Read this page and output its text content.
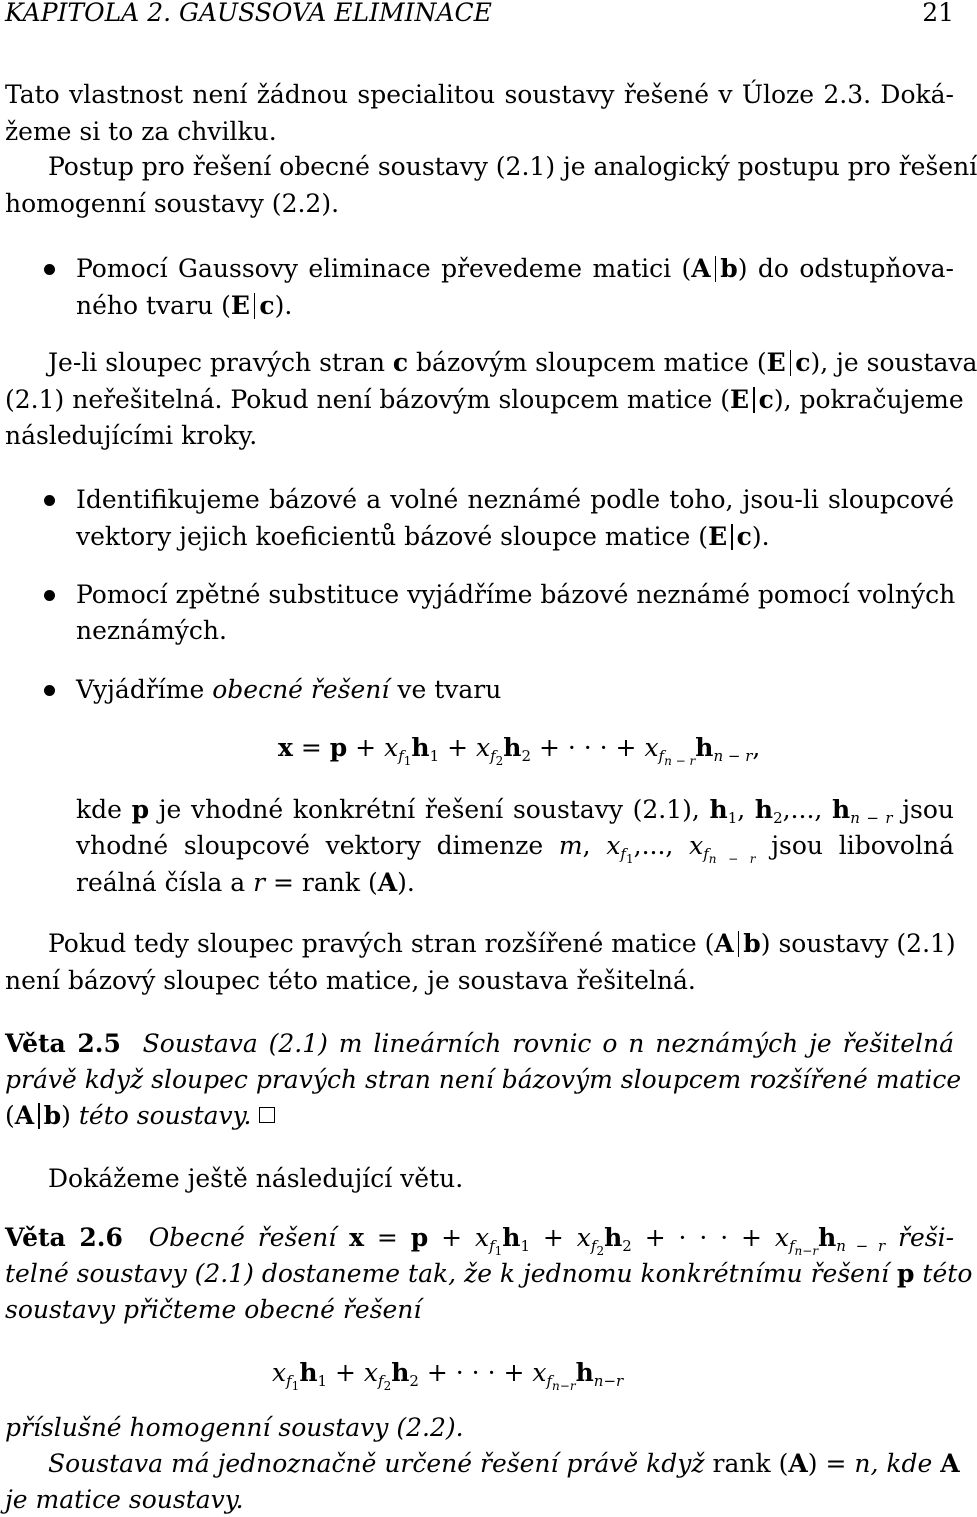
KAPITOLA 2. GAUSSOVA ELIMINACE	21
Tato vlastnost není žádnou specialitou soustavy řešené v Úloze 2.3. Doká-
žeme si to za chvilku.
Postup pro řešení obecné soustavy (2.1) je analogický postupu pro řešení
homogenní soustavy (2.2).
Pomocí Gaussovy eliminace převedeme matici (A b) do odstupňova-
ného tvaru (E c).
Je-li sloupec pravých stran c bázovým sloupcem matice (E c), je soustava
(2.1) neřešitelná. Pokud není bázovým sloupcem matice (E c), pokračujeme
následujícími kroky.
Identifikujeme bázové a volné neznámé podle toho, jsou-li sloupcové
vektory jejich koeficientů bázové sloupce matice (E c).
Pomocí zpětné substituce vyjádříme bázové neznámé pomocí volných
neznámých.
Vyjádříme obecné řešení ve tvaru
$x = p + x_{f_1}h_1 + x_{f_2}h_2$ + · · · + $x_{f_{n - r}}h_{n - r}$,
kde p je vhodné konkrétní řešení soustavy (2.1), $h_1$, $h_2$,..., $h_{n - r}$ jsou
vhodné sloupcové vektory dimenze m, $x_{f_1}$,..., $x_{f_{n - r}}$ jsou libovolná
reálná čísla a r = rank (A).
Pokud tedy sloupec pravých stran rozšířené matice (A b) soustavy (2.1)
není bázový sloupec této matice, je soustava řešitelná.
Věta 2.5 Soustava (2.1) m lineárních rovnic o n neznámých je řešitelná
právě když sloupec pravých stran není bázovým sloupcem rozšířené matice
(A b) této soustavy.
Dokážeme ještě následující větu.
Věta 2.6 Obecné řešení $x = p + x_{f_1}h_1 + x_{f_2}h_2$ + · · · + $x_{f_{n-r}}h_{n - r}$ řeši-
telné soustavy (2.1) dostaneme tak, že k jednomu konkrétnímu řešení p této
soustavy přičteme obecné řešení
$x_{f_1}h_1 + x_{f_2}h_2$ + · · · + $x_{f_{n-r}}h_{n-r}$
příslušné homogenní soustavy (2.2).
Soustava má jednoznačně určené řešení právě když rank (A) = n, kde A
je matice soustavy.
